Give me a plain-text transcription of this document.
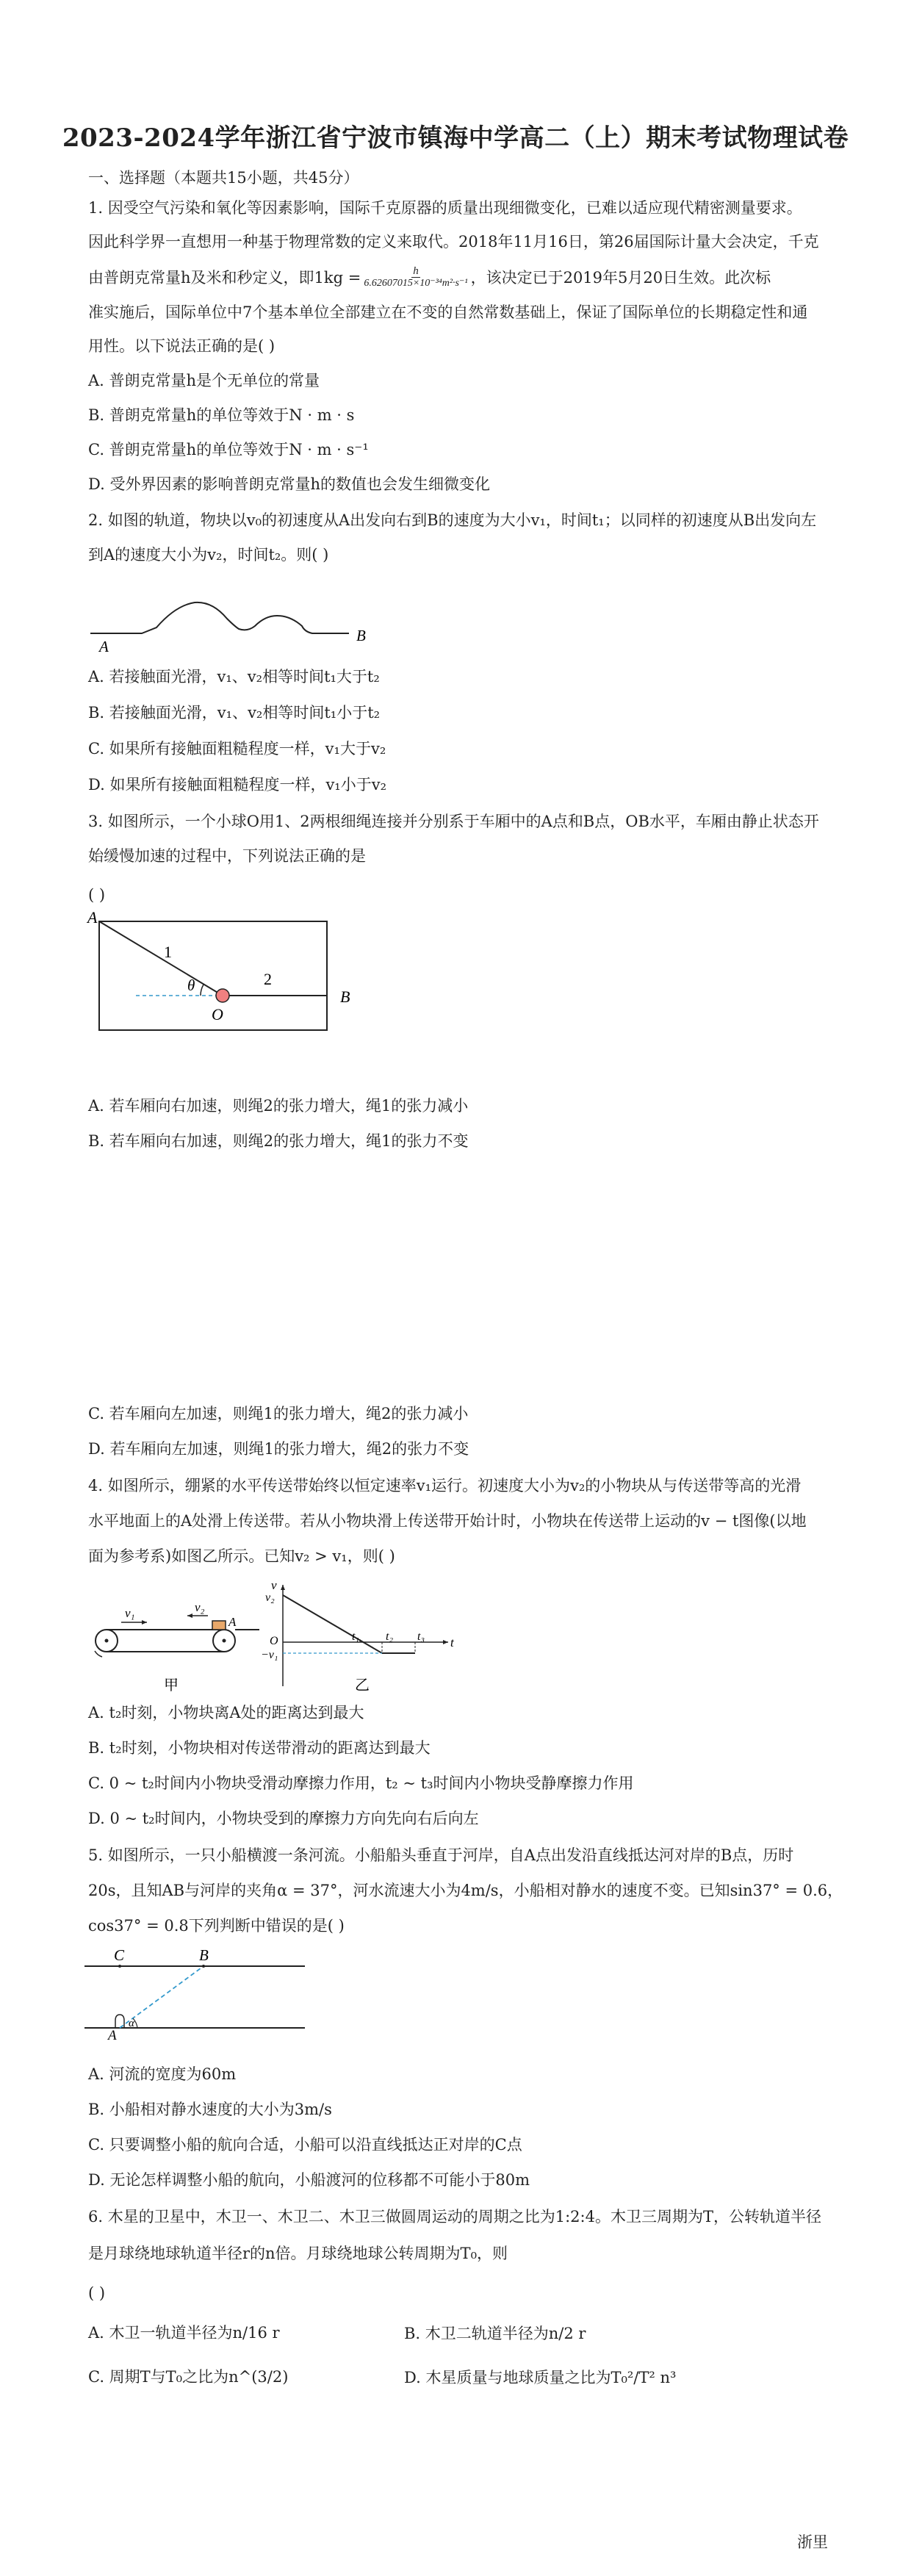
2023-2024学年浙江省宁波市镇海中学高二（上）期末考试物理试卷
一、选择题（本题共15小题，共45分）
1. 因受空气污染和氧化等因素影响，国际千克原器的质量出现细微变化，已难以适应现代精密测量要求。
因此科学界一直想用一种基于物理常数的定义来取代。2018年11月16日，第26届国际计量大会决定，千克
由普朗克常量h及米和秒定义，即$1kg = \frac{h}{\text{6.62607015×10⁻³⁴m²·s⁻¹}}$ ，该决定已于2019年5月20日生效。此次标
准实施后，国际单位中7个基本单位全部建立在不变的自然常数基础上，保证了国际单位的长期稳定性和通
用性。以下说法正确的是( )
A. 普朗克常量h是个无单位的常量
B. 普朗克常量h的单位等效于N · m · s
C. 普朗克常量h的单位等效于N · m · s⁻¹
D. 受外界因素的影响普朗克常量h的数值也会发生细微变化
2. 如图的轨道，物块以v₀的初速度从A出发向右到B的速度为大小v₁，时间t₁；以同样的初速度从B出发向左
到A的速度大小为v₂，时间t₂。则( )
A
B
A. 若接触面光滑，v₁、v₂相等时间t₁大于t₂
B. 若接触面光滑，v₁、v₂相等时间t₁小于t₂
C. 如果所有接触面粗糙程度一样，v₁大于v₂
D. 如果所有接触面粗糙程度一样，v₁小于v₂
3. 如图所示，一个小球O用1、2两根细绳连接并分别系于车厢中的A点和B点，OB水平，车厢由静止状态开
始缓慢加速的过程中，下列说法正确的是
( )
A
1
2
θ
O
B
A. 若车厢向右加速，则绳2的张力增大，绳1的张力减小
B. 若车厢向右加速，则绳2的张力增大，绳1的张力不变
C. 若车厢向左加速，则绳1的张力增大，绳2的张力减小
D. 若车厢向左加速，则绳1的张力增大，绳2的张力不变
4. 如图所示，绷紧的水平传送带始终以恒定速率v₁运行。初速度大小为v₂的小物块从与传送带等高的光滑
水平地面上的A处滑上传送带。若从小物块滑上传送带开始计时，小物块在传送带上运动的v − t图像(以地
面为参考系)如图乙所示。已知v₂ > v₁，则( )
v₁	v₂
A
甲
v
v₂
O
−v₁
t
t₁ t₂ t₃
乙
A. t₂时刻，小物块离A处的距离达到最大
B. t₂时刻，小物块相对传送带滑动的距离达到最大
C. 0 ~ t₂时间内小物块受滑动摩擦力作用，t₂ ~ t₃时间内小物块受静摩擦力作用
D. 0 ~ t₂时间内，小物块受到的摩擦力方向先向右后向左
5. 如图所示，一只小船横渡一条河流。小船船头垂直于河岸，自A点出发沿直线抵达河对岸的B点，历时
20s，且知AB与河岸的夹角α = 37°，河水流速大小为4m/s，小船相对静水的速度不变。已知sin37° = 0.6，
cos37° = 0.8下列判断中错误的是( )
C	B
A
α
A. 河流的宽度为60m
B. 小船相对静水速度的大小为3m/s
C. 只要调整小船的航向合适，小船可以沿直线抵达正对岸的C点
D. 无论怎样调整小船的航向，小船渡河的位移都不可能小于80m
6. 木星的卫星中，木卫一、木卫二、木卫三做圆周运动的周期之比为1:2:4。木卫三周期为T，公转轨道半径
是月球绕地球轨道半径r的n倍。月球绕地球公转周期为T₀，则
( )
A. 木卫一轨道半径为n/16 r	B. 木卫二轨道半径为n/2 r
C. 周期T与T₀之比为n^(3/2)	D. 木星质量与地球质量之比为T₀²/T² n³
浙里
